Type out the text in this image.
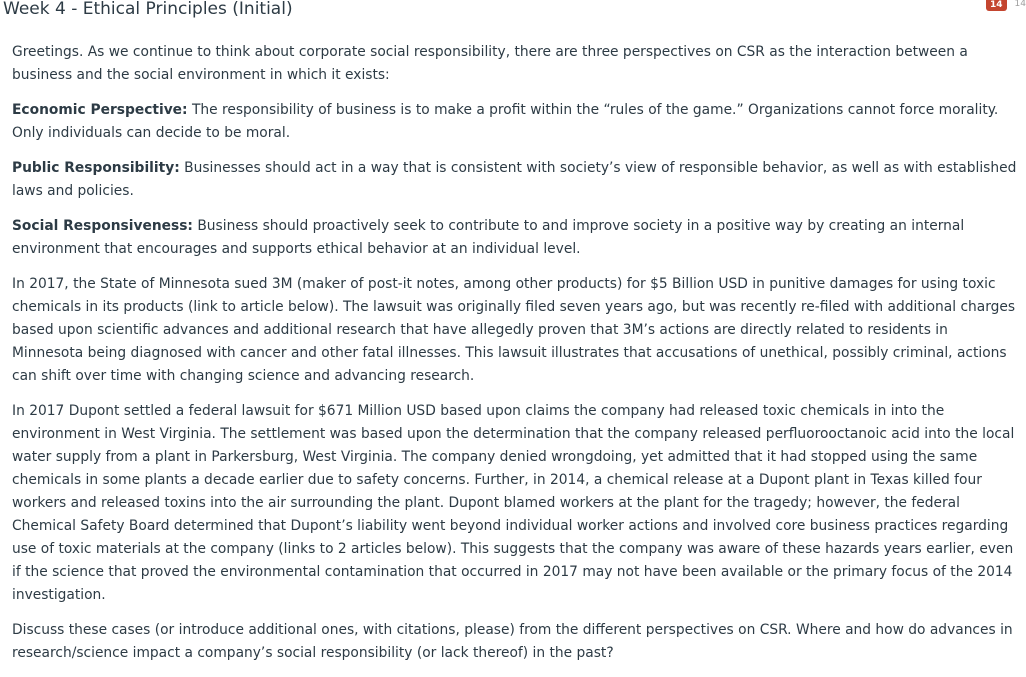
Week 4 - Ethical Principles (Initial)	14	14

Greetings. As we continue to think about corporate social responsibility, there are three perspectives on CSR as the interaction between a business and the social environment in which it exists:

Economic Perspective: The responsibility of business is to make a profit within the “rules of the game.” Organizations cannot force morality. Only individuals can decide to be moral.

Public Responsibility: Businesses should act in a way that is consistent with society’s view of responsible behavior, as well as with established laws and policies.

Social Responsiveness: Business should proactively seek to contribute to and improve society in a positive way by creating an internal environment that encourages and supports ethical behavior at an individual level.

In 2017, the State of Minnesota sued 3M (maker of post-it notes, among other products) for $5 Billion USD in punitive damages for using toxic chemicals in its products (link to article below). The lawsuit was originally filed seven years ago, but was recently re-filed with additional charges based upon scientific advances and additional research that have allegedly proven that 3M’s actions are directly related to residents in Minnesota being diagnosed with cancer and other fatal illnesses. This lawsuit illustrates that accusations of unethical, possibly criminal, actions can shift over time with changing science and advancing research.

In 2017 Dupont settled a federal lawsuit for $671 Million USD based upon claims the company had released toxic chemicals in into the environment in West Virginia. The settlement was based upon the determination that the company released perfluorooctanoic acid into the local water supply from a plant in Parkersburg, West Virginia. The company denied wrongdoing, yet admitted that it had stopped using the same chemicals in some plants a decade earlier due to safety concerns. Further, in 2014, a chemical release at a Dupont plant in Texas killed four workers and released toxins into the air surrounding the plant. Dupont blamed workers at the plant for the tragedy; however, the federal Chemical Safety Board determined that Dupont’s liability went beyond individual worker actions and involved core business practices regarding use of toxic materials at the company (links to 2 articles below). This suggests that the company was aware of these hazards years earlier, even if the science that proved the environmental contamination that occurred in 2017 may not have been available or the primary focus of the 2014 investigation.

Discuss these cases (or introduce additional ones, with citations, please) from the different perspectives on CSR. Where and how do advances in research/science impact a company’s social responsibility (or lack thereof) in the past?
